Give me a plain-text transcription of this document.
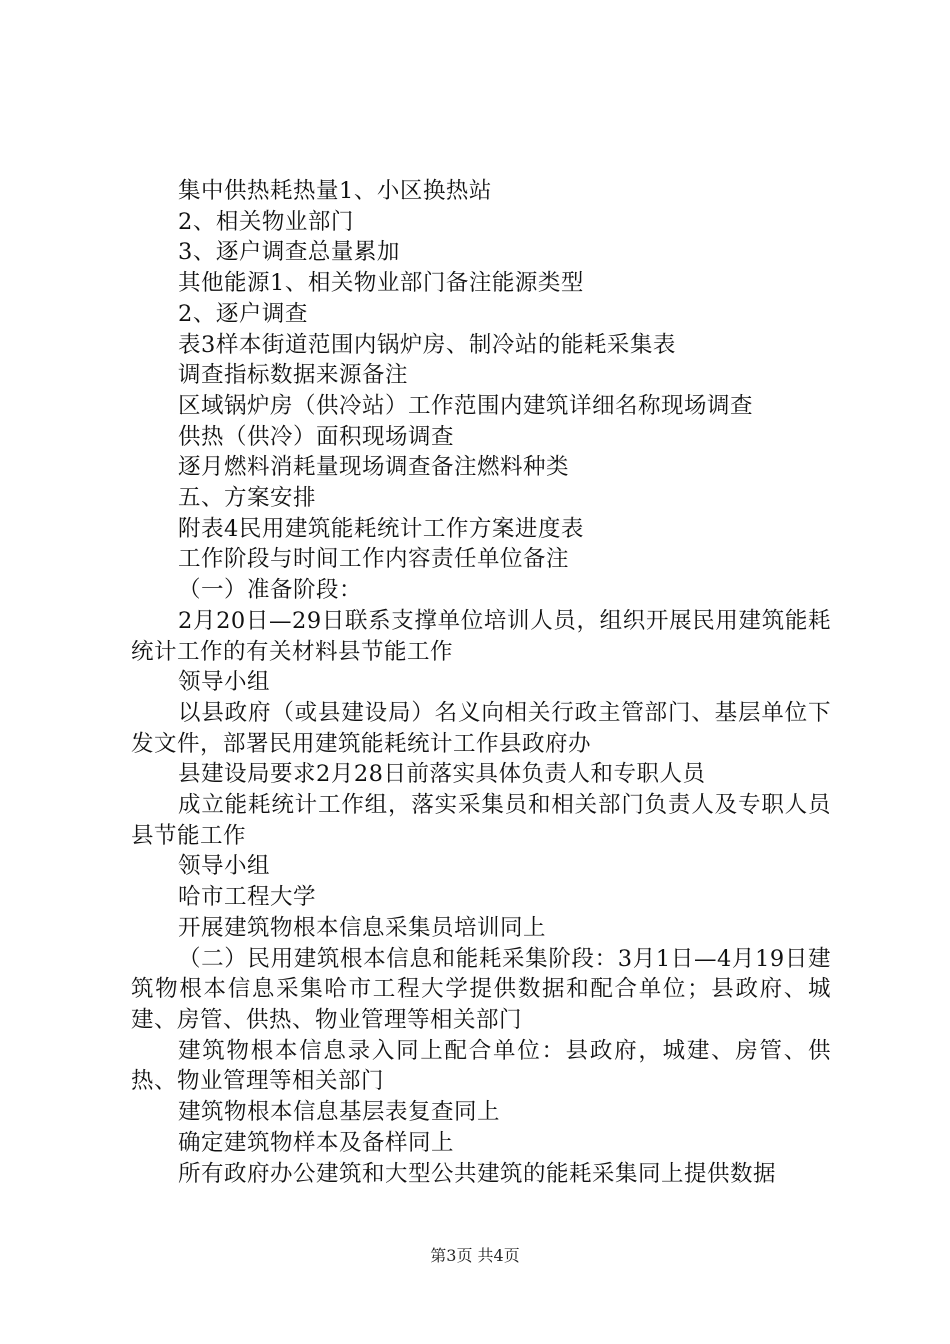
集中供热耗热量1、小区换热站

2、相关物业部门

3、逐户调查总量累加

其他能源1、相关物业部门备注能源类型

2、逐户调查

表3样本街道范围内锅炉房、制冷站的能耗采集表

调查指标数据来源备注

区域锅炉房（供冷站）工作范围内建筑详细名称现场调查

供热（供冷）面积现场调查

逐月燃料消耗量现场调查备注燃料种类

五、方案安排

附表4民用建筑能耗统计工作方案进度表

工作阶段与时间工作内容责任单位备注

（一）准备阶段：

2月20日—29日联系支撑单位培训人员，组织开展民用建筑能耗统计工作的有关材料县节能工作

领导小组

以县政府（或县建设局）名义向相关行政主管部门、基层单位下发文件，部署民用建筑能耗统计工作县政府办

县建设局要求2月28日前落实具体负责人和专职人员

成立能耗统计工作组，落实采集员和相关部门负责人及专职人员县节能工作

领导小组

哈市工程大学

开展建筑物根本信息采集员培训同上

（二）民用建筑根本信息和能耗采集阶段：3月1日—4月19日建筑物根本信息采集哈市工程大学提供数据和配合单位；县政府、城建、房管、供热、物业管理等相关部门

建筑物根本信息录入同上配合单位：县政府，城建、房管、供热、物业管理等相关部门

建筑物根本信息基层表复查同上

确定建筑物样本及备样同上

所有政府办公建筑和大型公共建筑的能耗采集同上提供数据

第3页 共4页
